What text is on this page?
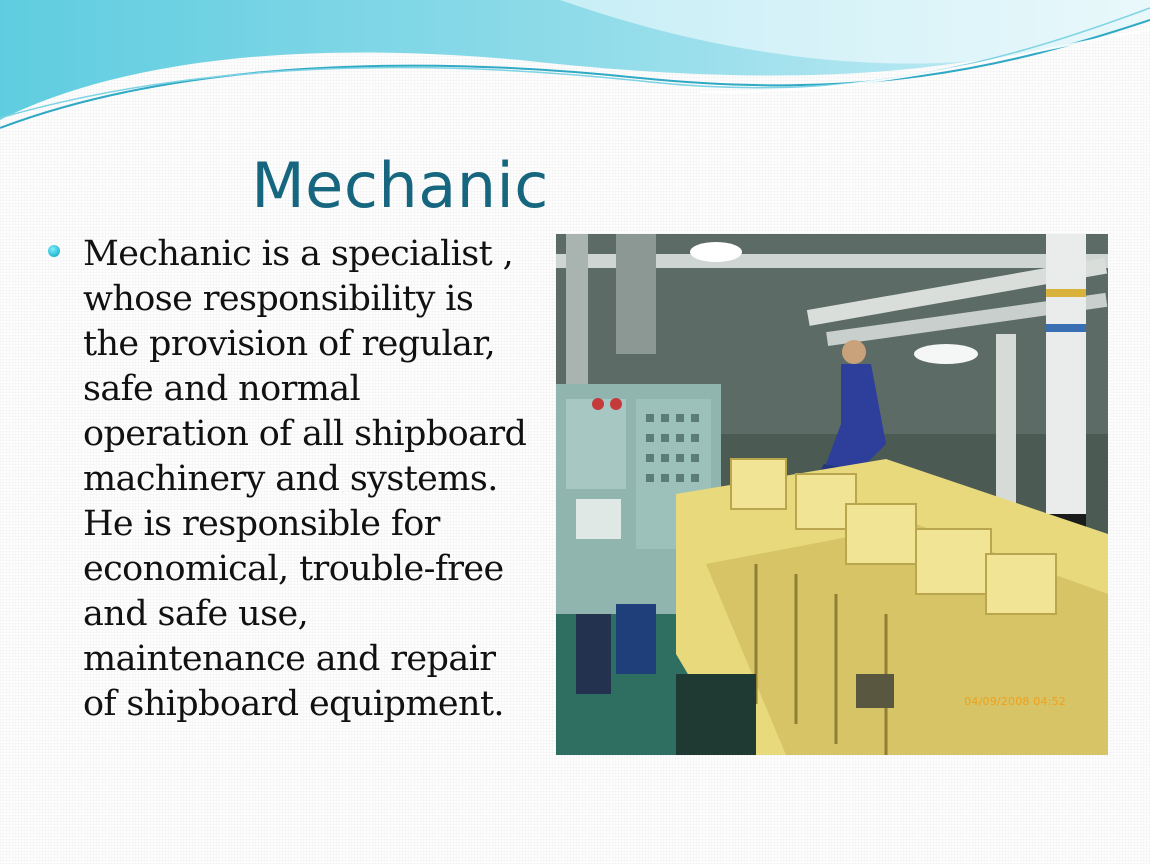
Mechanic
Mechanic is a specialist ,
whose responsibility is
the provision of regular,
safe and normal
operation of all shipboard
machinery and systems.
He is responsible for
economical, trouble-free
and safe use,
maintenance and repair
of shipboard equipment.	04/09/2008 04:52
